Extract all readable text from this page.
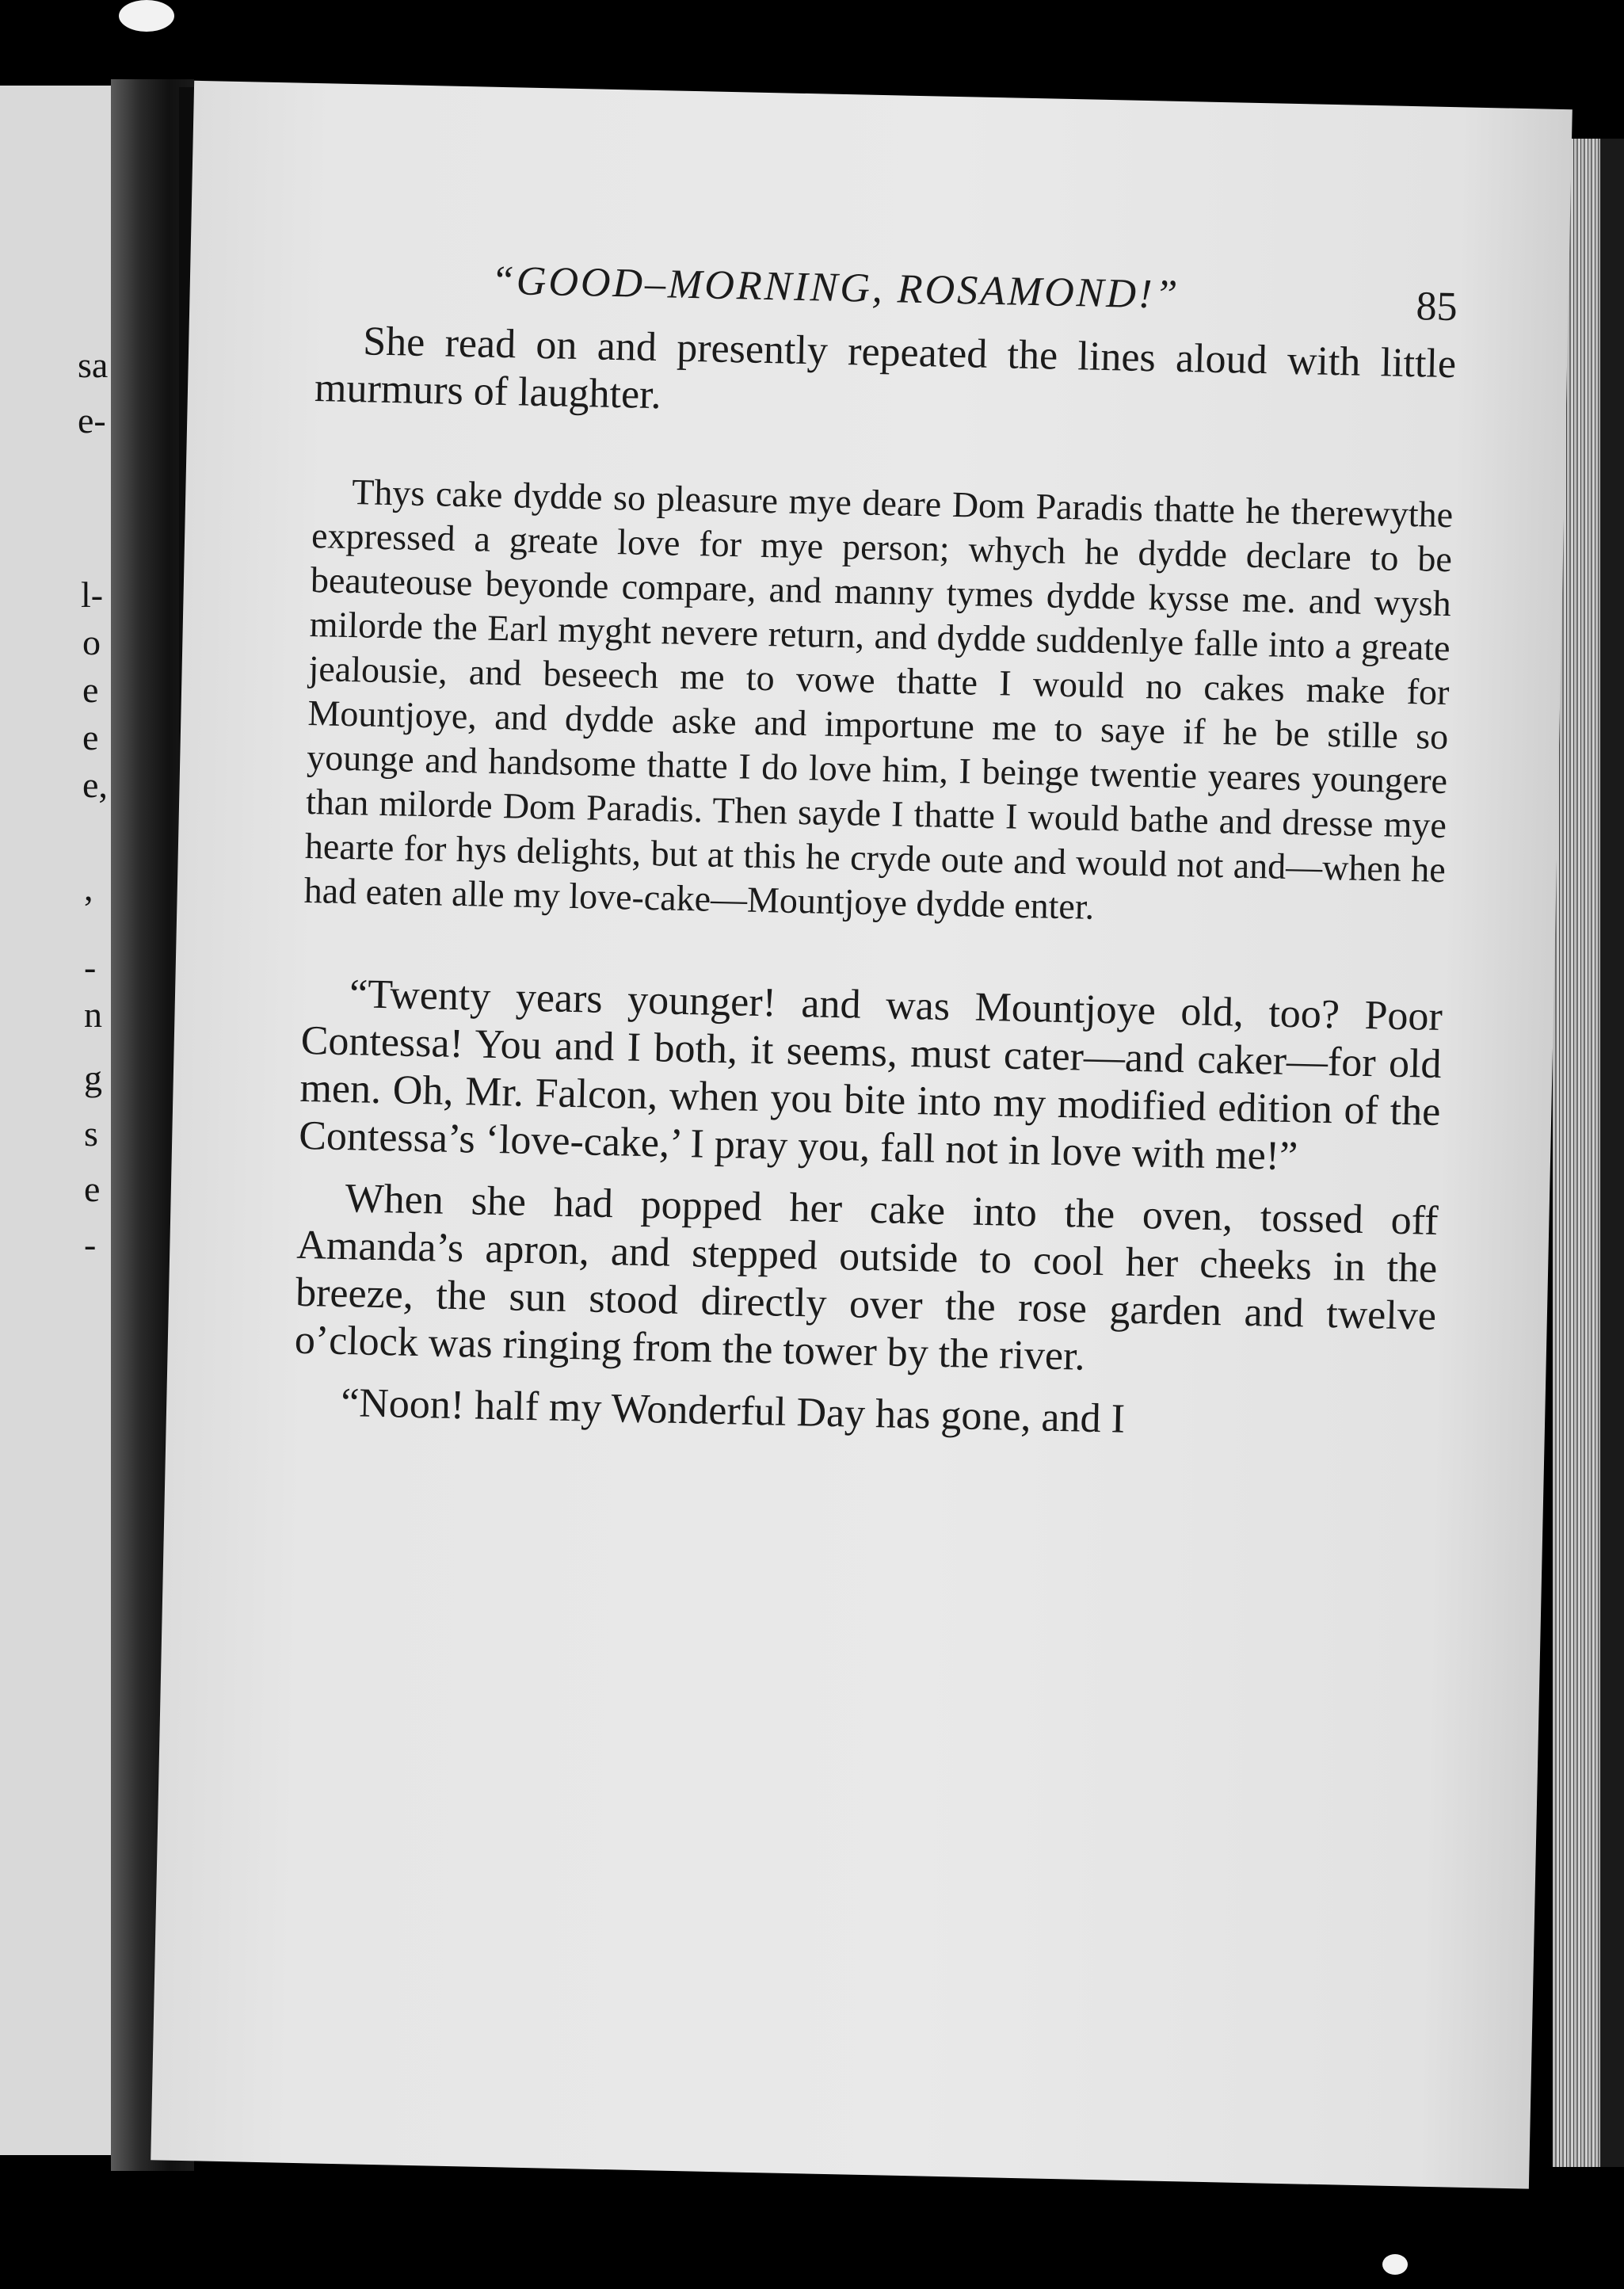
sa
e-
l-
o
e
e
e,
,
-
n
g
s
e
-
“GOOD–MORNING, ROSAMOND!”	85

She read on and presently repeated the lines aloud with little murmurs of laughter.

Thys cake dydde so pleasure mye deare Dom Paradis thatte he therewythe expressed a greate love for mye person; whych he dydde declare to be beauteouse beyonde compare, and manny tymes dydde kysse me. and wysh milorde the Earl myght nevere return, and dydde suddenlye falle into a greate jealousie, and beseech me to vowe thatte I would no cakes make for Mountjoye, and dydde aske and importune me to saye if he be stille so younge and handsome thatte I do love him, I beinge twentie yeares youngere than milorde Dom Paradis. Then sayde I thatte I would bathe and dresse mye hearte for hys delights, but at this he cryde oute and would not and—when he had eaten alle my love-cake—Mountjoye dydde enter.

“Twenty years younger! and was Mountjoye old, too? Poor Contessa! You and I both, it seems, must cater—and caker—for old men. Oh, Mr. Falcon, when you bite into my modified edition of the Contessa’s ‘love-cake,’ I pray you, fall not in love with me!”

When she had popped her cake into the oven, tossed off Amanda’s apron, and stepped outside to cool her cheeks in the breeze, the sun stood directly over the rose garden and twelve o’clock was ringing from the tower by the river.

“Noon! half my Wonderful Day has gone, and I
